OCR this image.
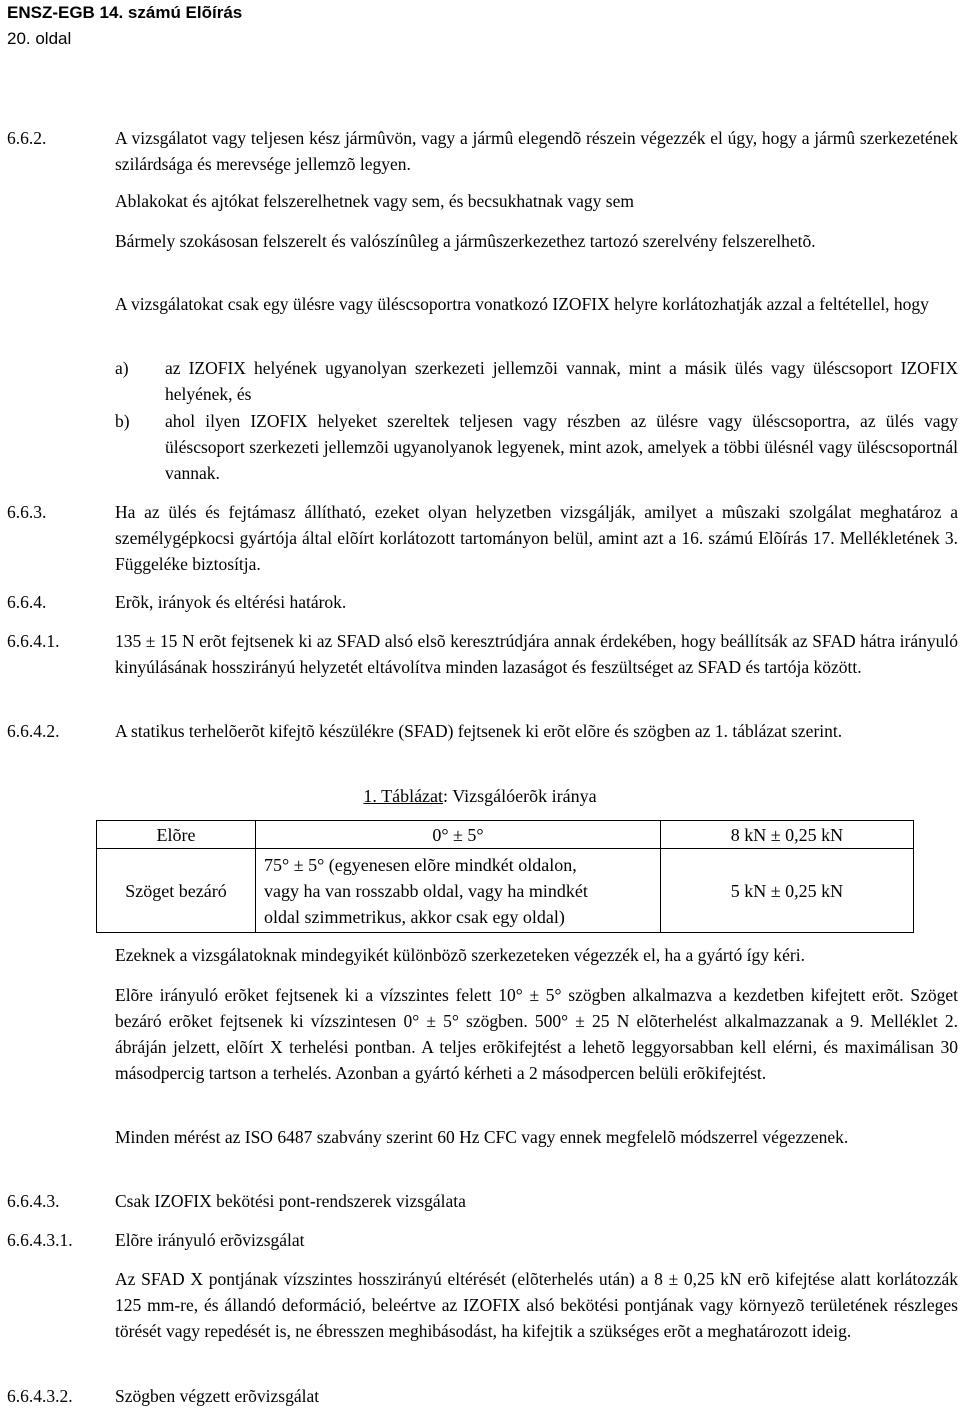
ENSZ-EGB 14. számú Elõírás
20. oldal
6.6.2.	A vizsgálatot vagy teljesen kész jármûvön, vagy a jármû elegendõ részein végezzék el úgy, hogy a jármû szerkezetének szilárdsága és merevsége jellemzõ legyen.
Ablakokat és ajtókat felszerelhetnek vagy sem, és becsukhatnak vagy sem
Bármely szokásosan felszerelt és valószínûleg a jármûszerkezethez tartozó szerelvény felszerelhetõ.
A vizsgálatokat csak egy ülésre vagy üléscsoportra vonatkozó IZOFIX helyre korlátozhatják azzal a feltétellel, hogy
a) az IZOFIX helyének ugyanolyan szerkezeti jellemzõi vannak, mint a másik ülés vagy üléscsoport IZOFIX helyének, és
b) ahol ilyen IZOFIX helyeket szereltek teljesen vagy részben az ülésre vagy üléscsoportra, az ülés vagy üléscsoport szerkezeti jellemzõi ugyanolyanok legyenek, mint azok, amelyek a többi ülésnél vagy üléscsoportnál vannak.
6.6.3.	Ha az ülés és fejtámasz állítható, ezeket olyan helyzetben vizsgálják, amilyet a mûszaki szolgálat meghatároz a személygépkocsi gyártója által elõírt korlátozott tartományon belül, amint azt a 16. számú Elõírás 17. Mellékletének 3. Függeléke biztosítja.
6.6.4.	Erõk, irányok és eltérési határok.
6.6.4.1.	135 ± 15 N erõt fejtsenek ki az SFAD alsó elsõ keresztrúdjára annak érdekében, hogy beállítsák az SFAD hátra irányuló kinyúlásának hosszirányú helyzetét eltávolítva minden lazaságot és feszültséget az SFAD és tartója között.
6.6.4.2.	A statikus terhelõerõt kifejtõ készülékre (SFAD) fejtsenek ki erõt elõre és szögben az 1. táblázat szerint.
1. Táblázat: Vizsgálóerõk iránya
Elõre	0° ± 5°	8 kN ± 0,25 kN
Szöget bezáró	75° ± 5° (egyenesen elõre mindkét oldalon,
vagy ha van rosszabb oldal, vagy ha mindkét
oldal szimmetrikus, akkor csak egy oldal)	5 kN ± 0,25 kN
Ezeknek a vizsgálatoknak mindegyikét különbözõ szerkezeteken végezzék el, ha a gyártó így kéri.
Elõre irányuló erõket fejtsenek ki a vízszintes felett 10° ± 5° szögben alkalmazva a kezdetben kifejtett erõt. Szöget bezáró erõket fejtsenek ki vízszintesen 0° ± 5° szögben. 500° ± 25 N elõterhelést alkalmazzanak a 9. Melléklet 2. ábráján jelzett, elõírt X terhelési pontban. A teljes erõkifejtést a lehetõ leggyorsabban kell elérni, és maximálisan 30 másodpercig tartson a terhelés. Azonban a gyártó kérheti a 2 másodpercen belüli erõkifejtést.
Minden mérést az ISO 6487 szabvány szerint 60 Hz CFC vagy ennek megfelelõ módszerrel végezzenek.
6.6.4.3.	Csak IZOFIX bekötési pont-rendszerek vizsgálata
6.6.4.3.1. Elõre irányuló erõvizsgálat
Az SFAD X pontjának vízszintes hosszirányú eltérését (elõterhelés után) a 8 ± 0,25 kN erõ kifejtése alatt korlátozzák 125 mm-re, és állandó deformáció, beleértve az IZOFIX alsó bekötési pontjának vagy környezõ területének részleges törését vagy repedését is, ne ébresszen meghibásodást, ha kifejtik a szükséges erõt a meghatározott ideig.
6.6.4.3.2. Szögben végzett erõvizsgálat
